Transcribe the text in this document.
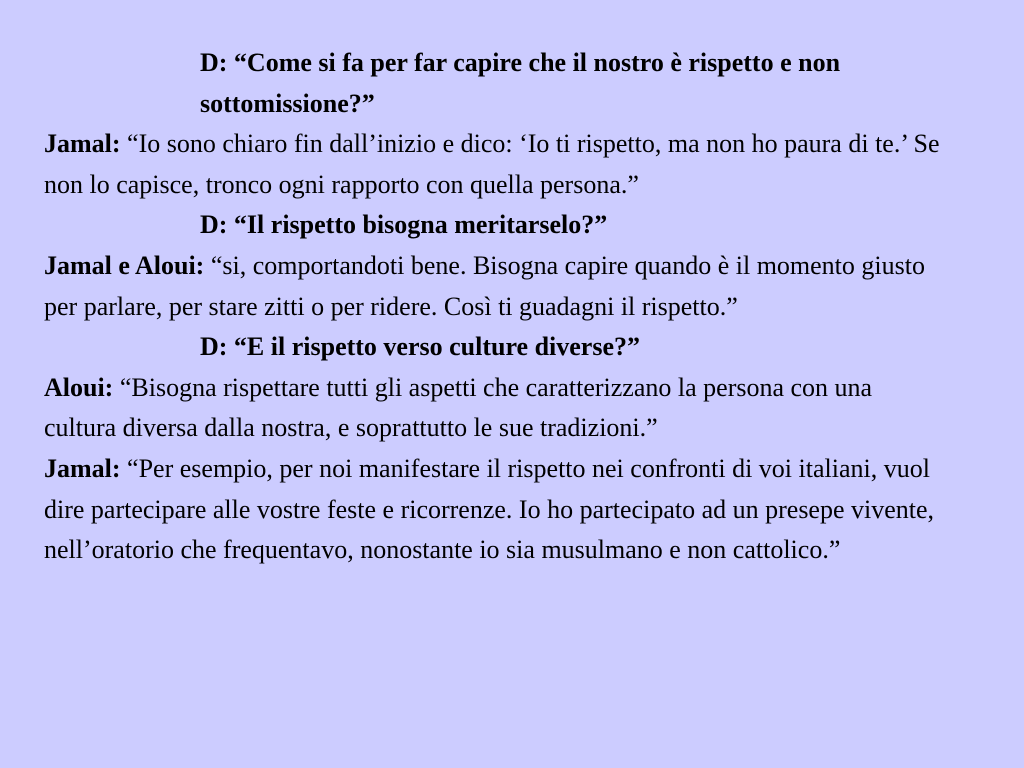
D: “Come si fa per far capire che il nostro è rispetto e non sottomissione?”
Jamal: “Io sono chiaro fin dall’inizio e dico: ‘Io ti rispetto, ma non ho paura di te.’ Se non lo capisce, tronco ogni rapporto con quella persona.”
D: “Il rispetto bisogna meritarselo?”
Jamal e Aloui: “si, comportandoti bene. Bisogna capire quando è il momento giusto per parlare, per stare zitti o per ridere. Così ti guadagni il rispetto.”
D: “E il rispetto verso culture diverse?”
Aloui: “Bisogna rispettare tutti gli aspetti che caratterizzano la persona con una cultura diversa dalla nostra, e soprattutto le sue tradizioni.”
Jamal: “Per esempio, per noi manifestare il rispetto nei confronti di voi italiani, vuol dire partecipare alle vostre feste e ricorrenze. Io ho partecipato ad un presepe vivente, nell’oratorio che frequentavo, nonostante io sia musulmano e non cattolico.”
